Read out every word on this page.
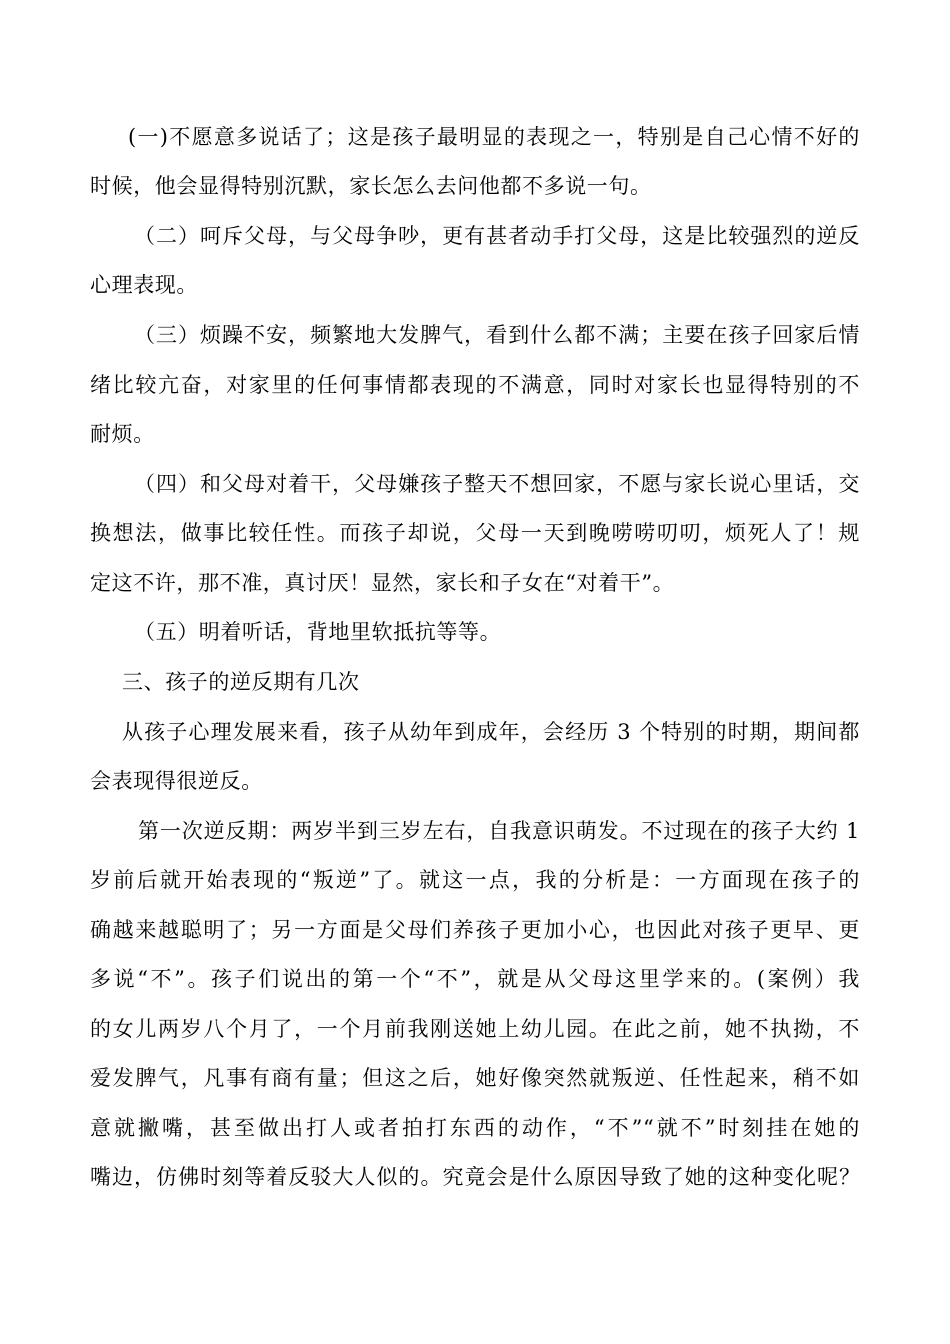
(一)不愿意多说话了；这是孩子最明显的表现之一，特别是自己心情不好的
时候，他会显得特别沉默，家长怎么去问他都不多说一句。
（二）呵斥父母，与父母争吵，更有甚者动手打父母，这是比较强烈的逆反
心理表现。
（三）烦躁不安，频繁地大发脾气，看到什么都不满；主要在孩子回家后情
绪比较亢奋，对家里的任何事情都表现的不满意，同时对家长也显得特别的不
耐烦。
（四）和父母对着干，父母嫌孩子整天不想回家，不愿与家长说心里话，交
换想法，做事比较任性。而孩子却说，父母一天到晚唠唠叨叨，烦死人了！规
定这不许，那不准，真讨厌！显然，家长和子女在“对着干”。
（五）明着听话，背地里软抵抗等等。
三、孩子的逆反期有几次
从孩子心理发展来看，孩子从幼年到成年，会经历 3 个特别的时期，期间都
会表现得很逆反。
第一次逆反期：两岁半到三岁左右，自我意识萌发。不过现在的孩子大约 1
岁前后就开始表现的“叛逆”了。就这一点，我的分析是：一方面现在孩子的
确越来越聪明了；另一方面是父母们养孩子更加小心，也因此对孩子更早、更
多说“不”。孩子们说出的第一个“不”，就是从父母这里学来的。(案例）我
的女儿两岁八个月了，一个月前我刚送她上幼儿园。在此之前，她不执拗，不
爱发脾气，凡事有商有量；但这之后，她好像突然就叛逆、任性起来，稍不如
意就撇嘴，甚至做出打人或者拍打东西的动作，“不”“就不”时刻挂在她的
嘴边，仿佛时刻等着反驳大人似的。究竟会是什么原因导致了她的这种变化呢？
